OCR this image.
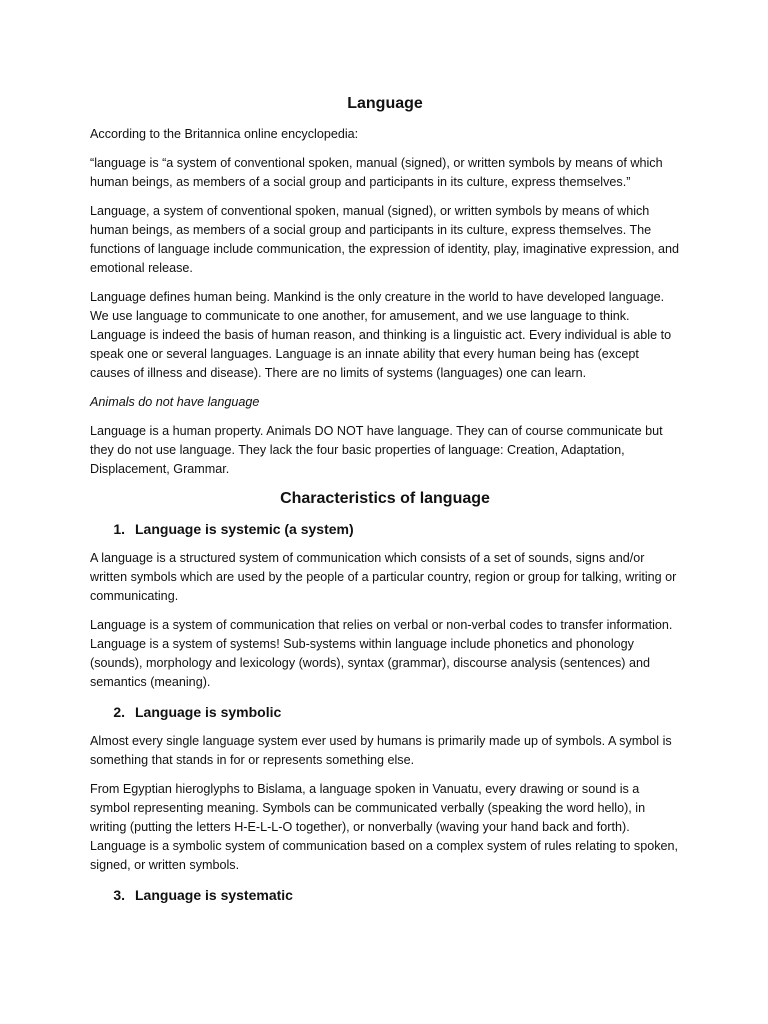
Language

According to the Britannica online encyclopedia:

“language is “a system of conventional spoken, manual (signed), or written symbols by means of which human beings, as members of a social group and participants in its culture, express themselves.”

Language, a system of conventional spoken, manual (signed), or written symbols by means of which human beings, as members of a social group and participants in its culture, express themselves. The functions of language include communication, the expression of identity, play, imaginative expression, and emotional release.

Language defines human being. Mankind is the only creature in the world to have developed language. We use language to communicate to one another, for amusement, and we use language to think. Language is indeed the basis of human reason, and thinking is a linguistic act. Every individual is able to speak one or several languages. Language is an innate ability that every human being has (except causes of illness and disease). There are no limits of systems (languages) one can learn.

Animals do not have language

Language is a human property. Animals DO NOT have language. They can of course communicate but they do not use language. They lack the four basic properties of language: Creation, Adaptation, Displacement, Grammar.

Characteristics of language
1. Language is systemic (a system)

A language is a structured system of communication which consists of a set of sounds, signs and/or written symbols which are used by the people of a particular country, region or group for talking, writing or communicating.

Language is a system of communication that relies on verbal or non-verbal codes to transfer information. Language is a system of systems! Sub-systems within language include phonetics and phonology (sounds), morphology and lexicology (words), syntax (grammar), discourse analysis (sentences) and semantics (meaning).

2. Language is symbolic

Almost every single language system ever used by humans is primarily made up of symbols. A symbol is something that stands in for or represents something else.

From Egyptian hieroglyphs to Bislama, a language spoken in Vanuatu, every drawing or sound is a symbol representing meaning. Symbols can be communicated verbally (speaking the word hello), in writing (putting the letters H-E-L-L-O together), or nonverbally (waving your hand back and forth). Language is a symbolic system of communication based on a complex system of rules relating to spoken, signed, or written symbols.

3. Language is systematic
